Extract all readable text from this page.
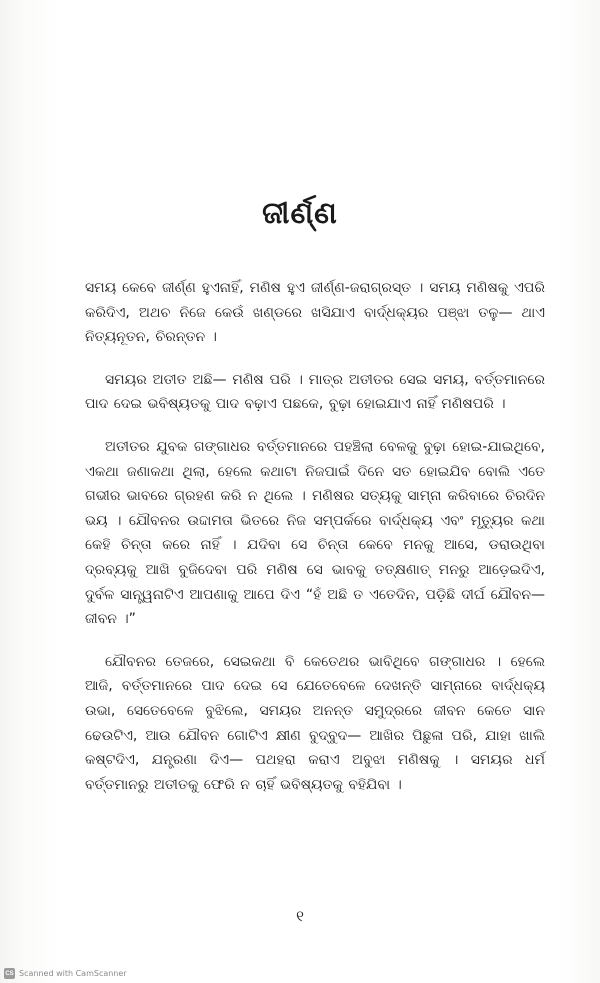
ଜୀର୍ଣ୍ଣ

ସମୟ କେବେ ଜୀର୍ଣ୍ଣ ହୁଏନାହିଁ, ମଣିଷ ହୁଏ ଜୀର୍ଣ୍ଣ-ଜରାଗ୍ରସ୍ତ । ସମୟ ମଣିଷକୁ ଏପରି କରିଦିଏ, ଅଥଚ ନିଜେ କେଉଁ ଖଣ୍ଡରେ ଖସିଯାଏ ବାର୍ଦ୍ଧକ୍ୟର ପଞ୍ଝା ତଳୁ— ଥାଏ ନିତ୍ୟନୂତନ, ଚିରନ୍ତନ ।

ସମୟର ଅତୀତ ଅଛି— ମଣିଷ ପରି । ମାତ୍ର ଅତୀତର ସେଇ ସମୟ, ବର୍ତ୍ତମାନରେ ପାଦ ଦେଇ ଭବିଷ୍ୟତକୁ ପାଦ ବଢ଼ାଏ ପଛକେ, ବୁଢ଼ା ହୋଇଯାଏ ନାହିଁ ମଣିଷପରି ।

ଅତୀତର ଯୁବକ ଗଙ୍ଗାଧର ବର୍ତ୍ତମାନରେ ପହଞ୍ଚିଲା ବେଳକୁ ବୁଢ଼ା ହୋଇ-ଯାଇଥିବେ, ଏକଥା ଜଣାକଥା ଥିଲା, ହେଲେ କଥାଟା ନିଜପାଇଁ ଦିନେ ସତ ହୋଇଯିବ ବୋଲି ଏତେ ଗଭୀର ଭାବରେ ଗ୍ରହଣ କରି ନ ଥିଲେ । ମଣିଷର ସତ୍ୟକୁ ସାମ୍ନା କରିବାରେ ଚିରଦିନ ଭୟ । ଯୌବନର ଉଦ୍ଦାମତା ଭିତରେ ନିଜ ସମ୍ପର୍କରେ ବାର୍ଦ୍ଧକ୍ୟ ଏବଂ ମୃତ୍ୟୁର କଥା କେହି ଚିନ୍ତା କରେ ନାହିଁ । ଯଦିବା ସେ ଚିନ୍ତା କେବେ ମନକୁ ଆସେ, ଡରାଉଥିବା ଦ୍ରବ୍ୟକୁ ଆଖି ବୁଜିଦେବା ପରି ମଣିଷ ସେ ଭାବକୁ ତତ୍‌କ୍ଷଣାତ୍ ମନରୁ ଆଡ଼େଇଦିଏ, ଦୁର୍ବଳ ସାନ୍ତ୍ୱନାଟିଏ ଆପଣାକୁ ଆପେ ଦିଏ “ହଁ ଅଛି ତ ଏତେଦିନ, ପଡ଼ିଛି ଦୀର୍ଘ ଯୌବନ— ଜୀବନ ।”

ଯୌବନର ତେଜରେ, ସେଇକଥା ବି କେତେଥର ଭାବିଥିବେ ଗଙ୍ଗାଧର । ହେଲେ ଆଜି, ବର୍ତ୍ତମାନରେ ପାଦ ଦେଇ ସେ ଯେତେବେଳେ ଦେଖନ୍ତି ସାମ୍ନାରେ ବାର୍ଦ୍ଧକ୍ୟ ଉଭା, ସେତେବେଳେ ବୁଝିଲେ, ସମୟର ଅନନ୍ତ ସମୁଦ୍ରରେ ଜୀବନ କେତେ ସାନ ଢେଉଟିଏ, ଆଉ ଯୌବନ ଗୋଟିଏ କ୍ଷୀଣ ବୁଦ୍‌ବୁଦ— ଆଖିର ପିଛୁଳା ପରି, ଯାହା ଖାଲି କଷ୍ଟଦିଏ, ଯନ୍ତ୍ରଣା ଦିଏ— ପଥହରା କରାଏ ଅବୁଝା ମଣିଷକୁ । ସମୟର ଧର୍ମ ବର୍ତ୍ତମାନରୁ ଅତୀତକୁ ଫେରି ନ ଚାହିଁ ଭବିଷ୍ୟତକୁ ବହିଯିବା ।

୧
CS Scanned with CamScanner
